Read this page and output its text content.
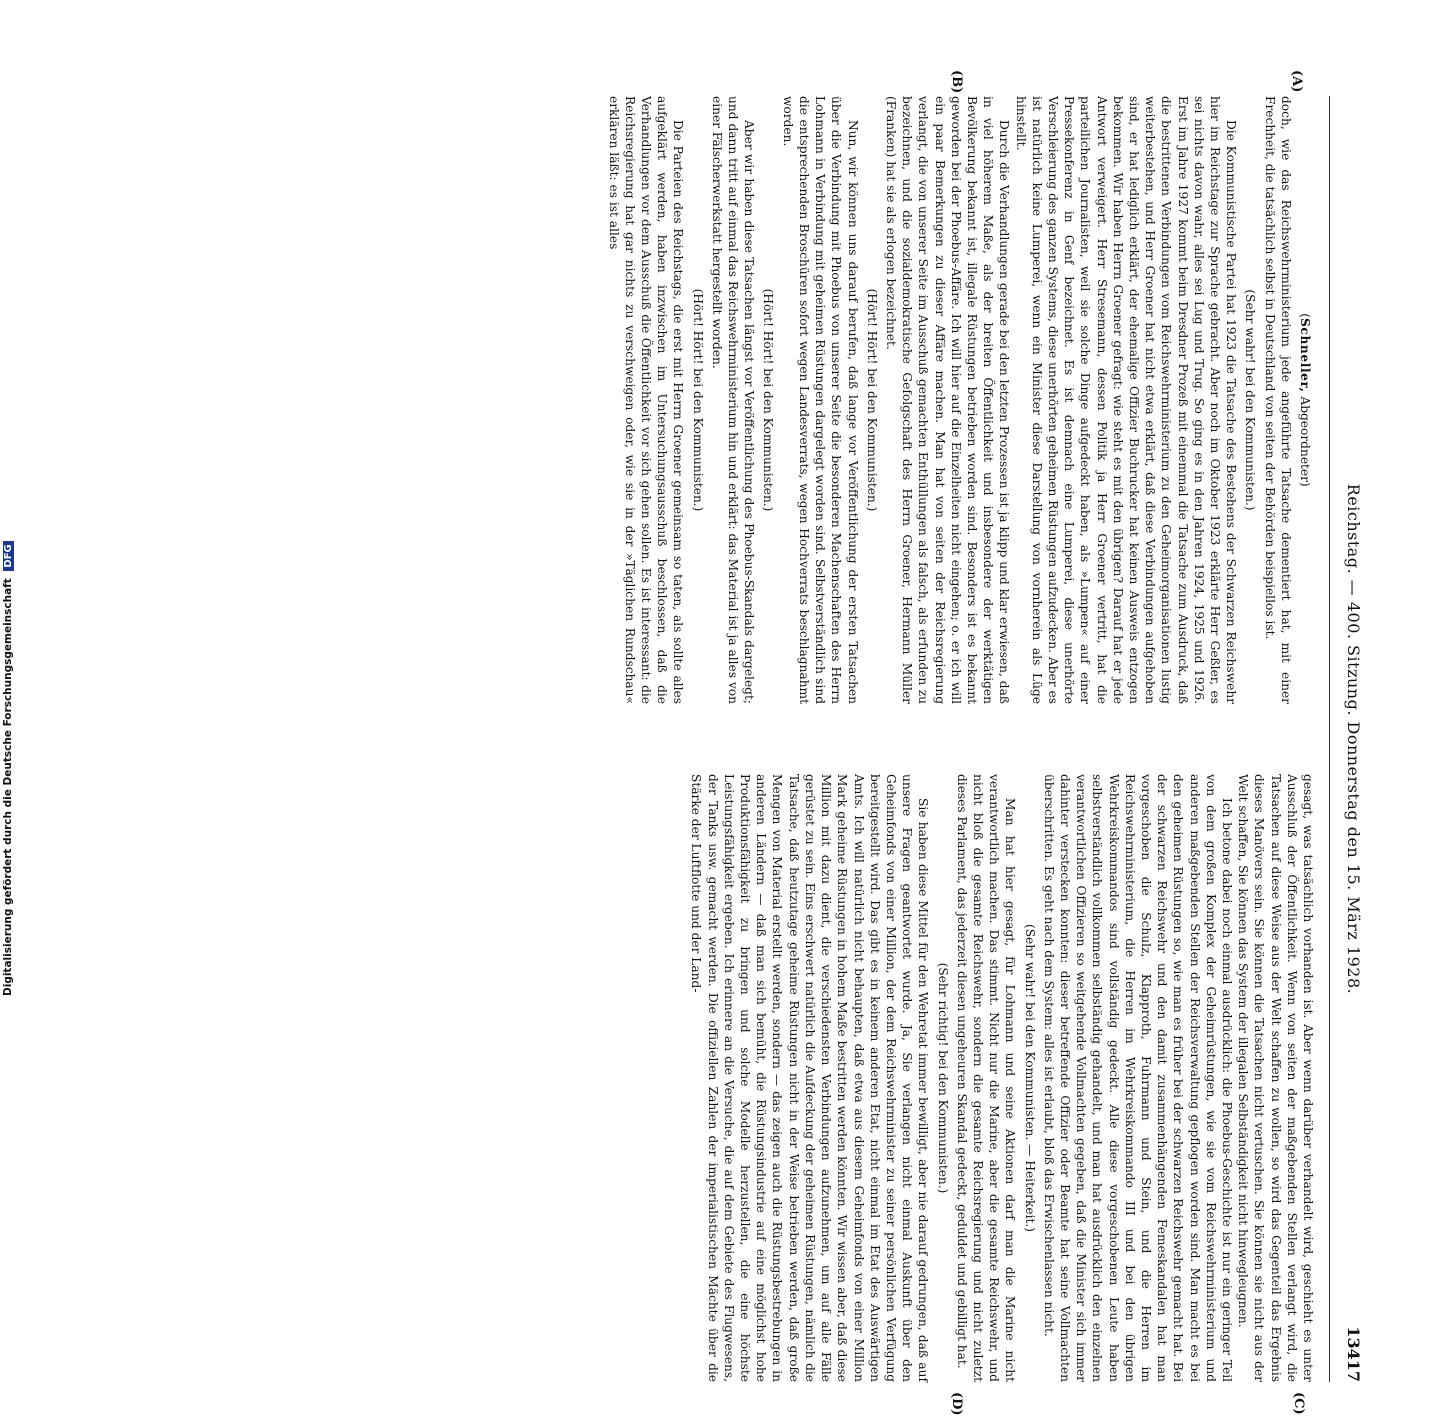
Reichstag. — 400. Sitzung. Donnerstag den 15. März 1928.
13417
(A)
(B)
(C)
(D)

(Schneller, Abgeordneter)

doch, wie das Reichswehrministerium jede angeführte Tatsache dementiert hat, mit einer Frechheit, die tatsächlich selbst in Deutschland von seiten der Behörden beispiellos ist.

(Sehr wahr! bei den Kommunisten.)

Die Kommunistische Partei hat 1923 die Tatsache des Bestehens der Schwarzen Reichswehr hier im Reichstage zur Sprache gebracht. Aber noch im Oktober 1923 erklärte Herr Geßler, es sei nichts davon wahr, alles sei Lug und Trug. So ging es in den Jahren 1924, 1925 und 1926. Erst im Jahre 1927 kommt beim Dresdner Prozeß mit einemmal die Tatsache zum Ausdruck, daß die bestrittenen Verbindungen vom Reichswehrministerium zu den Geheimorganisationen lustig weiterbestehen, und Herr Groener hat nicht etwa erklärt, daß diese Verbindungen aufgehoben sind, er hat lediglich erklärt, der ehemalige Offizier Buchrucker hat keinen Ausweis entzogen bekommen. Wir haben Herrn Groener gefragt: wie steht es mit den übrigen? Darauf hat er jede Antwort verweigert. Herr Stresemann, dessen Politik ja Herr Groener vertritt, hat die parteilichen Journalisten, weil sie solche Dinge aufgedeckt haben, als »Lumpen« auf einer Pressekonferenz in Genf bezeichnet. Es ist demnach eine Lumperei, diese unerhörte Verschleierung des ganzen Systems, diese unerhörten geheimen Rüstungen aufzudecken. Aber es ist natürlich keine Lumperei, wenn ein Minister diese Darstellung von vornherein als Lüge hinstellt.

Durch die Verhandlungen gerade bei den letzten Prozessen ist ja klipp und klar erwiesen, daß in viel höherem Maße, als der breiten Öffentlichkeit und insbesondere der werktätigen Bevölkerung bekannt ist, illegale Rüstungen betrieben worden sind. Besonders ist es bekannt geworden bei der Phoebus-Affäre. Ich will hier auf die Einzelheiten nicht eingehen; o. er ich will ein paar Bemerkungen zu dieser Affäre machen. Man hat von seiten der Reichsregierung verlangt, die von unserer Seite im Ausschuß gemachten Enthüllungen als falsch, als erfunden zu bezeichnen, und die sozialdemokratische Gefolgschaft des Herrn Groener, Hermann Müller (Franken) hat sie als erlogen bezeichnet.

(Hört! Hört! bei den Kommunisten.)

Nun, wir können uns darauf berufen, daß lange vor Veröffentlichung der ersten Tatsachen über die Verbindung mit Phoebus von unserer Seite die besonderen Machenschaften des Herrn Lohmann in Verbindung mit geheimen Rüstungen dargelegt worden sind. Selbstverständlich sind die entsprechenden Broschüren sofort wegen Landesverrats, wegen Hochverrats beschlagnahmt worden.

(Hört! Hört! bei den Kommunisten.)

Aber wir haben diese Tatsachen längst vor Veröffentlichung des Phoebus-Skandals dargelegt; und dann tritt auf einmal das Reichswehrministerium hin und erklärt: das Material ist ja alles von einer Fälscherwerkstatt hergestellt worden.

(Hört! Hört! bei den Kommunisten.)

Die Parteien des Reichstags, die erst mit Herrn Groener gemeinsam so taten, als sollte alles aufgeklärt werden, haben inzwischen im Untersuchungsausschuß beschlossen, daß die Verhandlungen vor dem Ausschuß die Öffentlichkeit vor sich gehen sollen. Es ist interessant: die Reichsregierung hat gar nichts zu verschweigen oder, wie sie in der »Täglichen Rundschau« erklären läßt: es ist alles

gesagt, was tatsächlich vorhanden ist. Aber wenn darüber verhandelt wird, geschieht es unter Ausschluß der Öffentlichkeit. Wenn von seiten der maßgebenden Stellen verlangt wird, die Tatsachen auf diese Weise aus der Welt schaffen zu wollen, so wird das Gegenteil das Ergebnis dieses Manövers sein. Sie können die Tatsachen nicht vertuschen. Sie können sie nicht aus der Welt schaffen, Sie können das System der illegalen Selbständigkeit nicht hinwegleugnen.

Ich betone dabei noch einmal ausdrücklich: die Phoebus-Geschichte ist nur ein geringer Teil von dem großen Komplex der Geheimrüstungen, wie sie vom Reichswehrministerium und anderen maßgebenden Stellen der Reichsverwaltung gepflogen worden sind. Man macht es bei den geheimen Rüstungen so, wie man es früher bei der schwarzen Reichswehr gemacht hat. Bei der schwarzen Reichswehr und den damit zusammenhängenden Femeskandalen hat man vorgeschoben die Schulz, Klapproth, Fuhrmann und Stein, und die Herren im Reichswehrministerium, die Herren im Wehrkreiskommando III und bei den übrigen Wehrkreiskommandos sind vollständig gedeckt. Alle diese vorgeschobenen Leute haben selbstverständlich vollkommen selbständig gehandelt, und man hat ausdrücklich den einzelnen verantwortlichen Offizieren so weitgehende Vollmachten gegeben, daß die Minister sich immer dahinter verstecken konnten: dieser betreffende Offizier oder Beamte hat seine Vollmachten überschritten. Es geht nach dem System: alles ist erlaubt, bloß das Erwischenlassen nicht.

(Sehr wahr! bei den Kommunisten. — Heiterkeit.)

Man hat hier gesagt, für Lohmann und seine Aktionen darf man die Marine nicht verantwortlich machen. Das stimmt. Nicht nur die Marine, aber die gesamte Reichswehr, und nicht bloß die gesamte Reichswehr, sondern die gesamte Reichsregierung und nicht zuletzt dieses Parlament, das jederzeit diesen ungeheuren Skandal gedeckt, geduldet und gebilligt hat.

(Sehr richtig! bei den Kommunisten.)

Sie haben diese Mittel für den Wehretat immer bewilligt, aber nie darauf gedrungen, daß auf unsere Fragen geantwortet wurde. Ja, Sie verlangen nicht einmal Auskunft über den Geheimfonds von einer Million, der dem Reichswehrminister zu seiner persönlichen Verfügung bereitgestellt wird. Das gibt es in keinem anderen Etat, nicht einmal im Etat des Auswärtigen Amts. Ich will natürlich nicht behaupten, daß etwa aus diesem Geheimfonds von einer Million Mark geheime Rüstungen in hohem Maße bestritten werden könnten. Wir wissen aber, daß diese Million mit dazu dient, die verschiedensten Verbindungen aufzunehmen, um auf alle Fälle gerüstet zu sein. Eins erschwert natürlich die Aufdeckung der geheimen Rüstungen, nämlich die Tatsache, daß heutzutage geheime Rüstungen nicht in der Weise betrieben werden, daß große Mengen von Material erstellt werden, sondern — das zeigen auch die Rüstungsbestrebungen in anderen Ländern — daß man sich bemüht, die Rüstungsindustrie auf eine möglichst hohe Produktionsfähigkeit zu bringen und solche Modelle herzustellen, die eine höchste Leistungsfähigkeit ergeben. Ich erinnere an die Versuche, die auf dem Gebiete des Flugwesens, der Tanks usw. gemacht werden. Die offiziellen Zahlen der imperialistischen Mächte über die Stärke der Luftflotte und der Land-

Digitalisierung gefördert durch die Deutsche Forschungsgemeinschaft DFG
